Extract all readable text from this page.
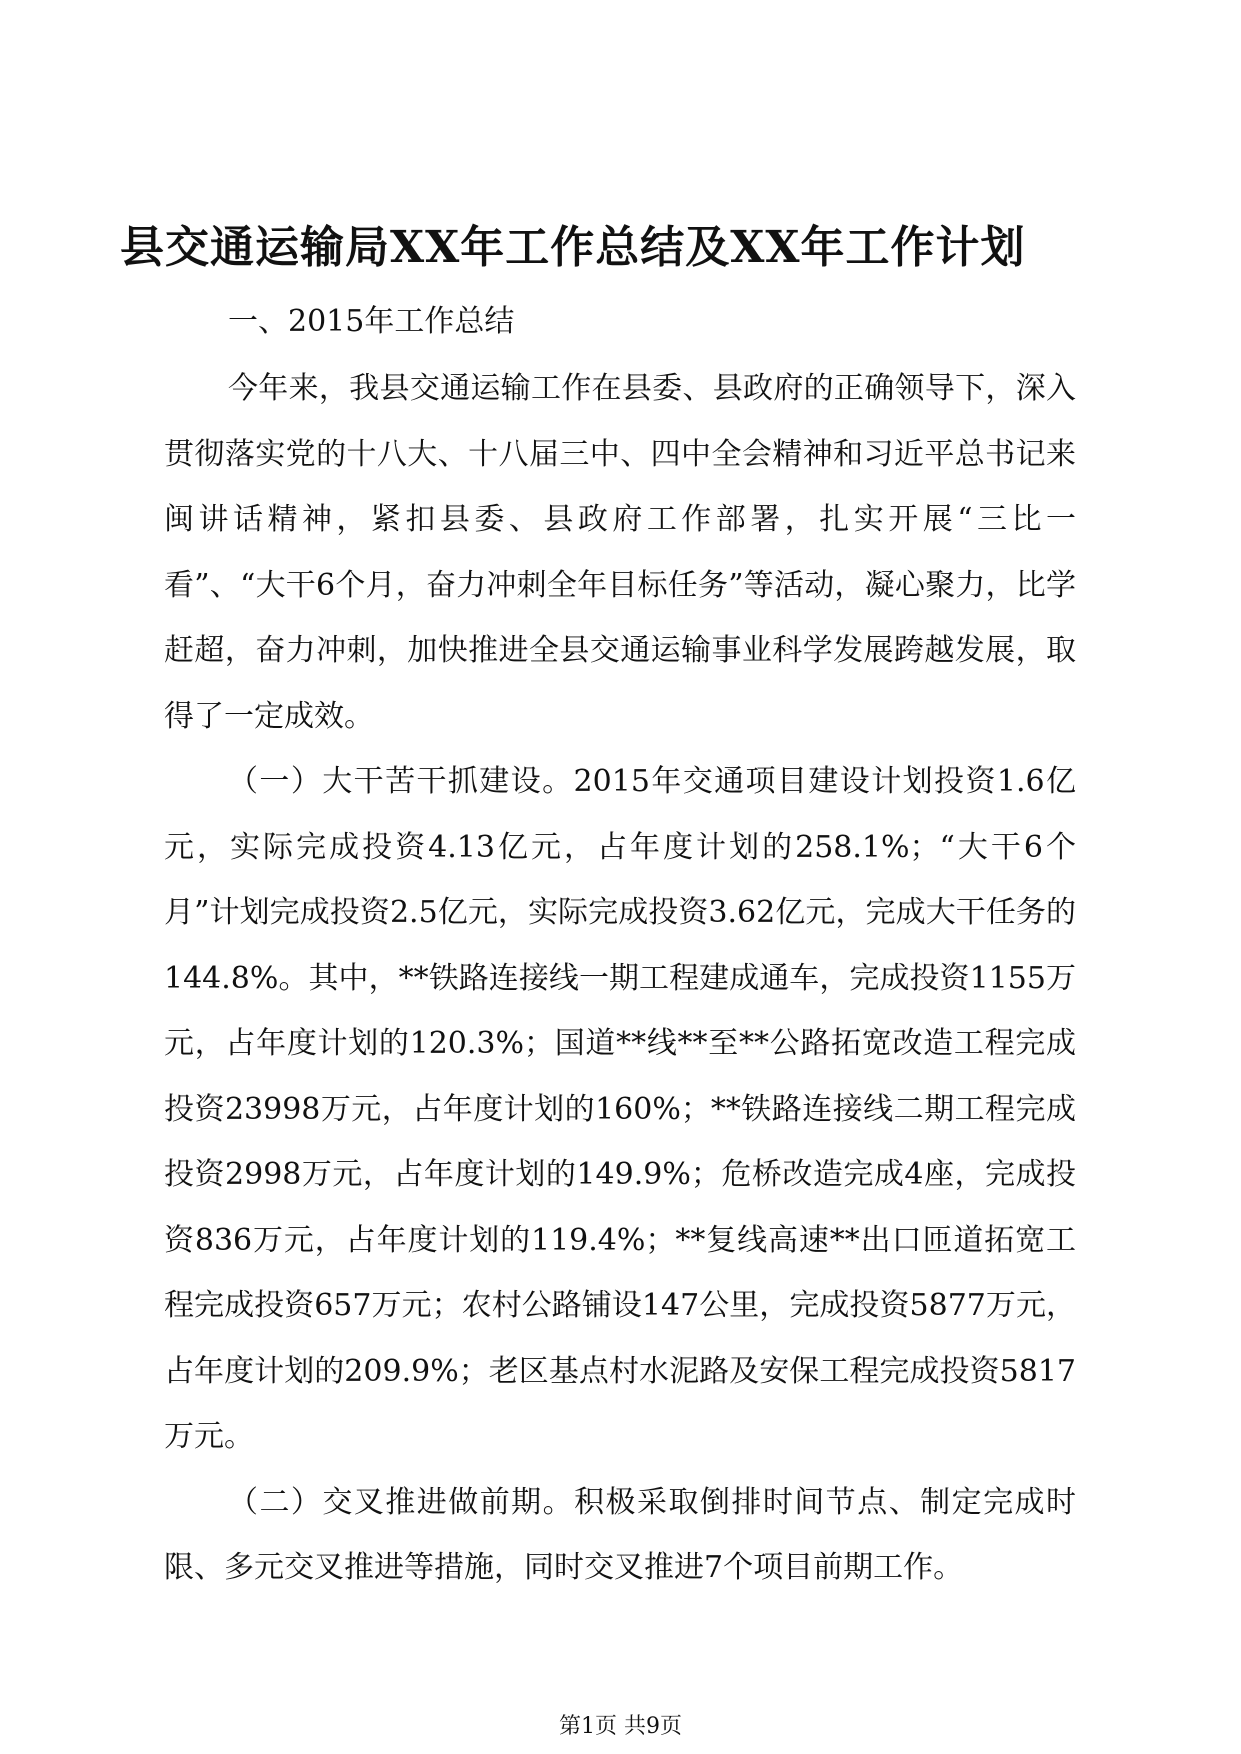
县交通运输局XX年工作总结及XX年工作计划

一、2015年工作总结

今年来，我县交通运输工作在县委、县政府的正确领导下，深入贯彻落实党的十八大、十八届三中、四中全会精神和习近平总书记来闽讲话精神，紧扣县委、县政府工作部署，扎实开展“三比一看”、“大干6个月，奋力冲刺全年目标任务”等活动，凝心聚力，比学赶超，奋力冲刺，加快推进全县交通运输事业科学发展跨越发展，取得了一定成效。

（一）大干苦干抓建设。2015年交通项目建设计划投资1.6亿元，实际完成投资4.13亿元，占年度计划的258.1%；“大干6个月”计划完成投资2.5亿元，实际完成投资3.62亿元，完成大干任务的144.8%。其中，**铁路连接线一期工程建成通车，完成投资1155万元，占年度计划的120.3%；国道**线**至**公路拓宽改造工程完成投资23998万元，占年度计划的160%；**铁路连接线二期工程完成投资2998万元，占年度计划的149.9%；危桥改造完成4座，完成投资836万元，占年度计划的119.4%；**复线高速**出口匝道拓宽工程完成投资657万元；农村公路铺设147公里，完成投资5877万元，占年度计划的209.9%；老区基点村水泥路及安保工程完成投资5817万元。

（二）交叉推进做前期。积极采取倒排时间节点、制定完成时限、多元交叉推进等措施，同时交叉推进7个项目前期工作。

第1页 共9页
